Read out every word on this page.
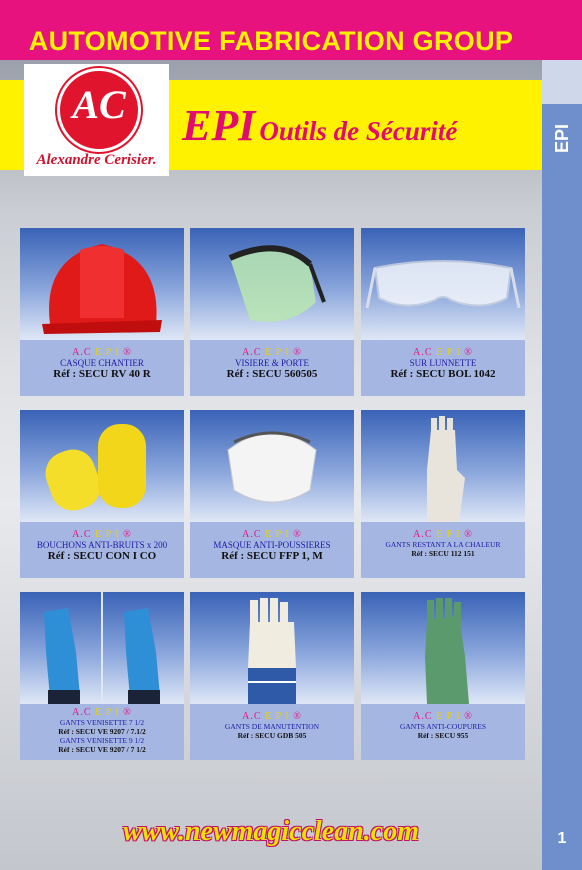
AUTOMOTIVE FABRICATION GROUP
EPI
AC
Alexandre Cerisier.
EPI Outils de Sécurité
A.C E P I ®
CASQUE CHANTIER
Réf : SECU RV 40 R
A.C E P I ®
VISIERE & PORTE
Réf : SECU 560505
A.C E P I ®
SUR LUNNETTE
Réf : SECU BOL 1042
A.C E P I ®
BOUCHONS ANTI-BRUITS x 200
Réf : SECU CON I CO
A.C E P I ®
MASQUE ANTI-POUSSIERES
Réf : SECU FFP 1, M
A.C E P I ®
GANTS RESTANT A LA CHALEUR
Réf : SECU 112 151
A.C E P I ®
GANTS VENISETTE 7 1/2
Réf : SECU VE 9207 / 7.1/2
GANTS VENISETTE 9 1/2
Réf : SECU VE 9207 / 7 1/2
A.C E P I ®
GANTS DE MANUTENTION
Réf : SECU GDB 505
A.C E P I ®
GANTS ANTI-COUPURES
Réf : SECU 955
www.newmagicclean.com	1
